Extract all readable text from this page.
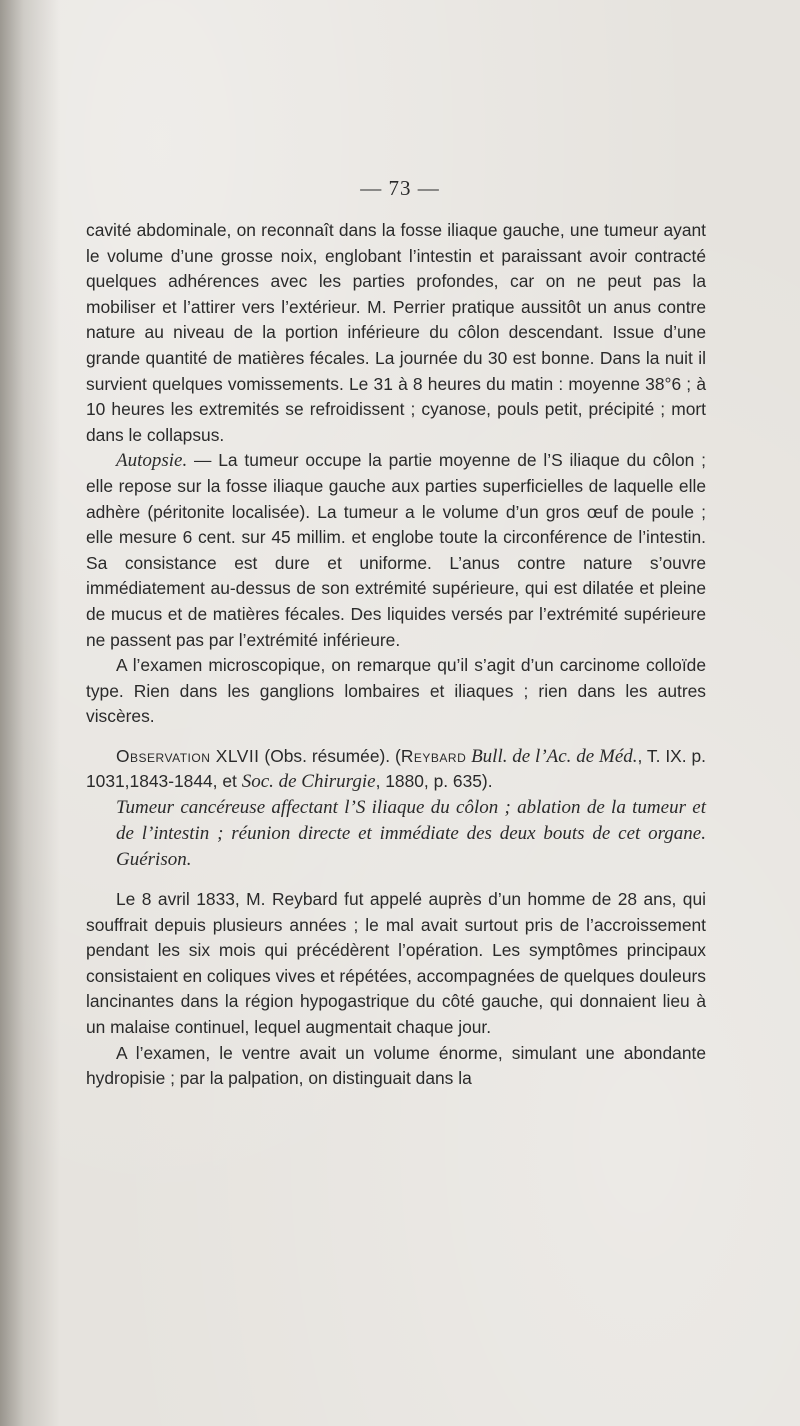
— 73 —

cavité abdominale, on reconnaît dans la fosse iliaque gauche, une tumeur ayant le volume d’une grosse noix, englobant l’intestin et paraissant avoir contracté quelques adhérences avec les parties profondes, car on ne peut pas la mobiliser et l’attirer vers l’extérieur. M. Perrier pratique aussitôt un anus contre nature au niveau de la portion inférieure du côlon descendant. Issue d’une grande quantité de matières fécales. La journée du 30 est bonne. Dans la nuit il survient quelques vomissements. Le 31 à 8 heures du matin : moyenne 38°6 ; à 10 heures les extremités se refroidissent ; cyanose, pouls petit, précipité ; mort dans le collapsus.

Autopsie. — La tumeur occupe la partie moyenne de l’S iliaque du côlon ; elle repose sur la fosse iliaque gauche aux parties superficielles de laquelle elle adhère (péritonite localisée). La tumeur a le volume d’un gros œuf de poule ; elle mesure 6 cent. sur 45 millim. et englobe toute la circonférence de l’intestin. Sa consistance est dure et uniforme. L’anus contre nature s’ouvre immédiatement au-dessus de son extrémité supérieure, qui est dilatée et pleine de mucus et de matières fécales. Des liquides versés par l’extrémité supérieure ne passent pas par l’extrémité inférieure.

A l’examen microscopique, on remarque qu’il s’agit d’un carcinome colloïde type. Rien dans les ganglions lombaires et iliaques ; rien dans les autres viscères.

Observation XLVII (Obs. résumée). (Reybard Bull. de l’Ac. de Méd., T. IX. p. 1031,1843-1844, et Soc. de Chirurgie, 1880, p. 635).

Tumeur cancéreuse affectant l’S iliaque du côlon ; ablation de la tumeur et de l’intestin ; réunion directe et immédiate des deux bouts de cet organe. Guérison.

Le 8 avril 1833, M. Reybard fut appelé auprès d’un homme de 28 ans, qui souffrait depuis plusieurs années ; le mal avait surtout pris de l’accroissement pendant les six mois qui précédèrent l’opération. Les symptômes principaux consistaient en coliques vives et répétées, accompagnées de quelques douleurs lancinantes dans la région hypogastrique du côté gauche, qui donnaient lieu à un malaise continuel, lequel augmentait chaque jour.

A l’examen, le ventre avait un volume énorme, simulant une abondante hydropisie ; par la palpation, on distinguait dans la
